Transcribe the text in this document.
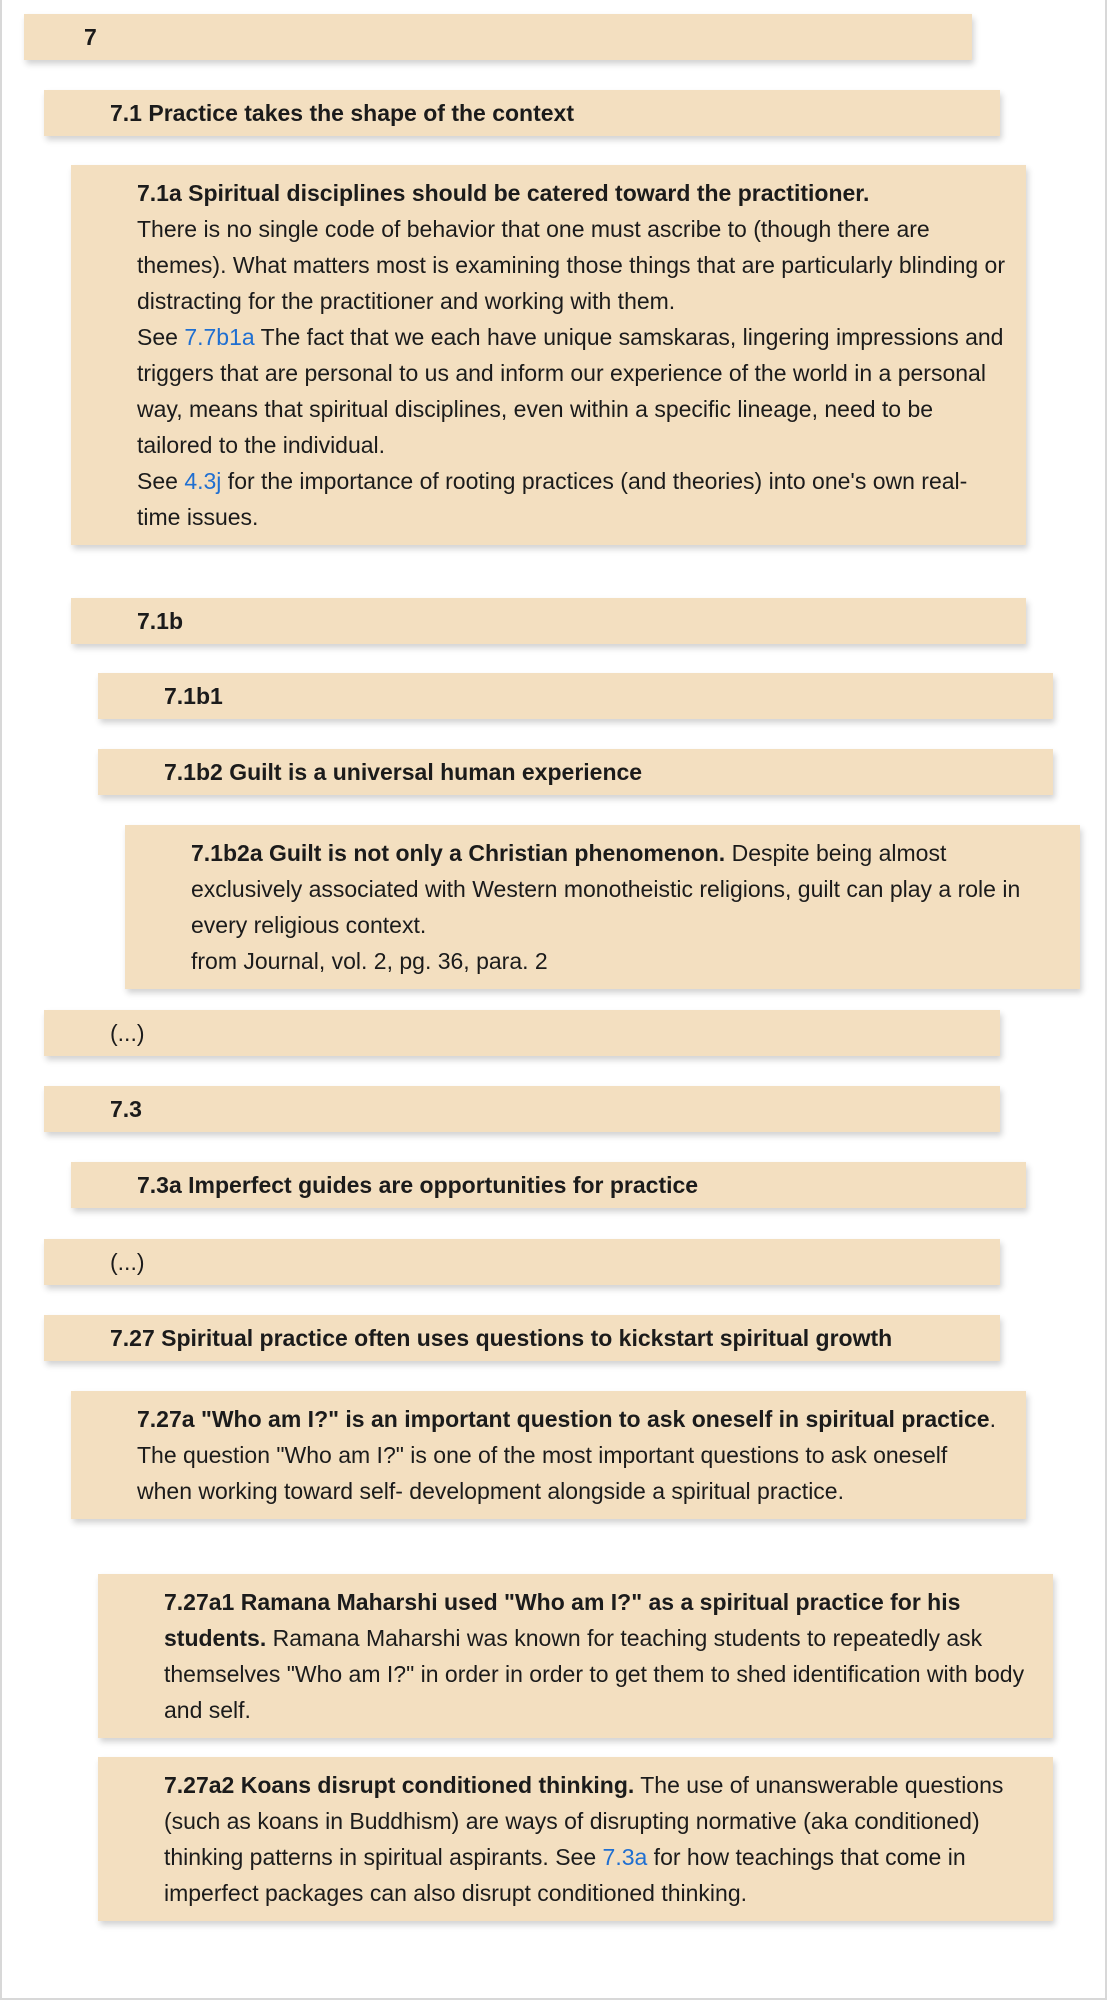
7
7.1 Practice takes the shape of the context
7.1a Spiritual disciplines should be catered toward the practitioner.
There is no single code of behavior that one must ascribe to (though there are themes). What matters most is examining those things that are particularly blinding or distracting for the practitioner and working with them.
See 7.7b1a The fact that we each have unique samskaras, lingering impressions and triggers that are personal to us and inform our experience of the world in a personal way, means that spiritual disciplines, even within a specific lineage, need to be tailored to the individual.
See 4.3j for the importance of rooting practices (and theories) into one's own real-time issues.
7.1b
7.1b1
7.1b2 Guilt is a universal human experience
7.1b2a Guilt is not only a Christian phenomenon. Despite being almost exclusively associated with Western monotheistic religions, guilt can play a role in every religious context.
from Journal, vol. 2, pg. 36, para. 2
(...)
7.3
7.3a Imperfect guides are opportunities for practice
(...)
7.27 Spiritual practice often uses questions to kickstart spiritual growth
7.27a "Who am I?" is an important question to ask oneself in spiritual practice. The question "Who am I?" is one of the most important questions to ask oneself when working toward self- development alongside a spiritual practice.
7.27a1 Ramana Maharshi used "Who am I?" as a spiritual practice for his students. Ramana Maharshi was known for teaching students to repeatedly ask themselves "Who am I?" in order in order to get them to shed identification with body and self.
7.27a2 Koans disrupt conditioned thinking. The use of unanswerable questions (such as koans in Buddhism) are ways of disrupting normative (aka conditioned) thinking patterns in spiritual aspirants. See 7.3a for how teachings that come in imperfect packages can also disrupt conditioned thinking.
